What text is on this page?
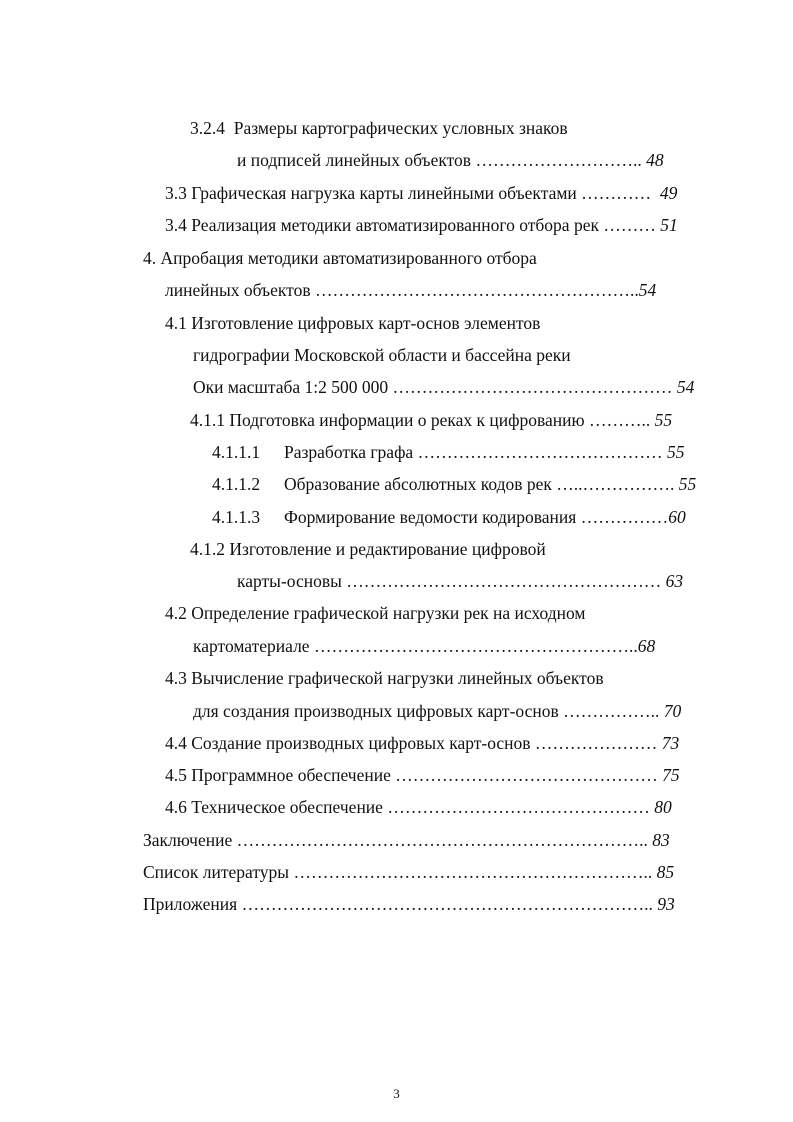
3.2.4 Размеры картографических условных знаков
и подписей линейных объектов ……………………….. 48
3.3 Графическая нагрузка карты линейными объектами ………… 49
3.4 Реализация методики автоматизированного отбора рек ……… 51
4. Апробация методики автоматизированного отбора
линейных объектов ………………………………………………..54
4.1 Изготовление цифровых карт-основ элементов
гидрографии Московской области и бассейна реки
Оки масштаба 1:2 500 000 ………………………………………… 54
4.1.1 Подготовка информации о реках к цифрованию ……….. 55
4.1.1.1 Разработка графа …………………………………… 55
4.1.1.2 Образование абсолютных кодов рек …..……………. 55
4.1.1.3 Формирование ведомости кодирования ……………60
4.1.2 Изготовление и редактирование цифровой
карты-основы ……………………………………………… 63
4.2 Определение графической нагрузки рек на исходном
картоматериале ………………………………………………..68
4.3 Вычисление графической нагрузки линейных объектов
для создания производных цифровых карт-основ …………….. 70
4.4 Создание производных цифровых карт-основ ………………… 73
4.5 Программное обеспечение ……………………………………… 75
4.6 Техническое обеспечение ……………………………………… 80
Заключение …………………………………………………………….. 83
Список литературы …………………………………………………….. 85
Приложения …………………………………………………………….. 93
3
